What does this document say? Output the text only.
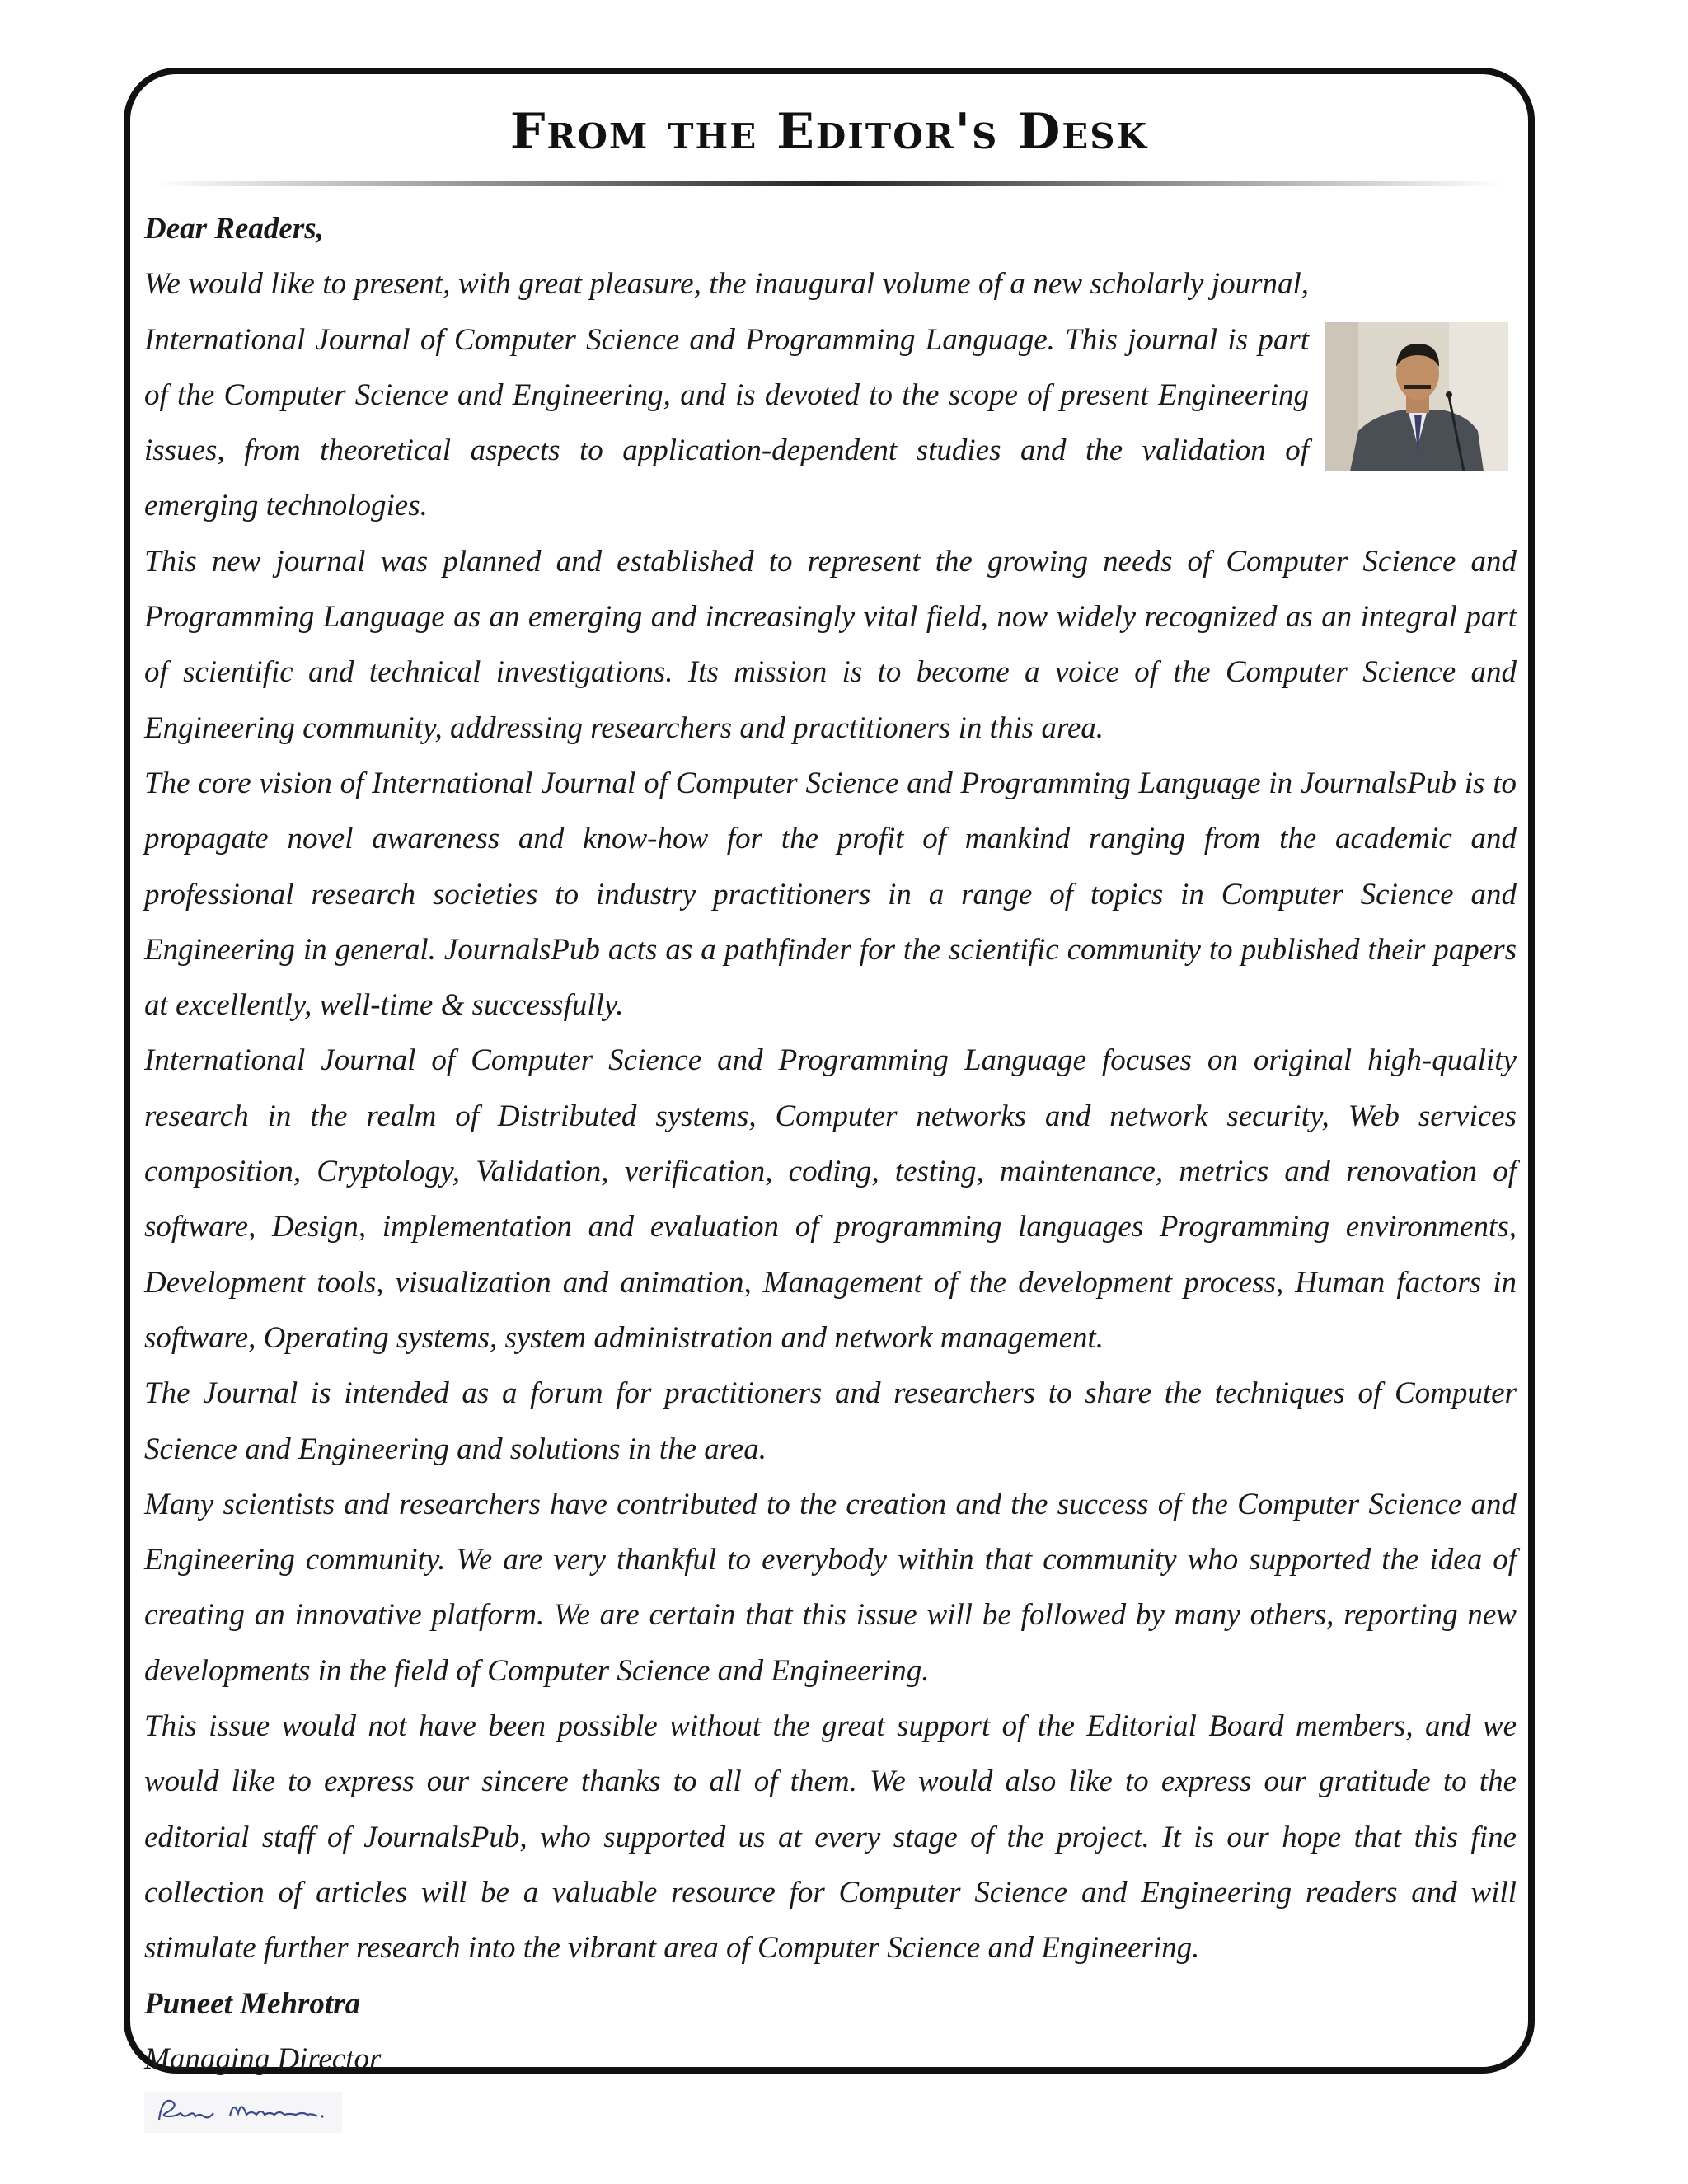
From the Editor's Desk

Dear Readers,

We would like to present, with great pleasure, the inaugural volume of a new scholarly journal, International Journal of Computer Science and Programming Language. This journal is part of the Computer Science and Engineering, and is devoted to the scope of present Engineering issues, from theoretical aspects to application-dependent studies and the validation of emerging technologies.

This new journal was planned and established to represent the growing needs of Computer Science and Programming Language as an emerging and increasingly vital field, now widely recognized as an integral part of scientific and technical investigations. Its mission is to become a voice of the Computer Science and Engineering community, addressing researchers and practitioners in this area.

The core vision of International Journal of Computer Science and Programming Language in JournalsPub is to propagate novel awareness and know-how for the profit of mankind ranging from the academic and professional research societies to industry practitioners in a range of topics in Computer Science and Engineering in general. JournalsPub acts as a pathfinder for the scientific community to published their papers at excellently, well-time & successfully.

International Journal of Computer Science and Programming Language focuses on original high-quality research in the realm of Distributed systems, Computer networks and network security, Web services composition, Cryptology, Validation, verification, coding, testing, maintenance, metrics and renovation of software, Design, implementation and evaluation of programming languages Programming environments, Development tools, visualization and animation, Management of the development process, Human factors in software, Operating systems, system administration and network management.

The Journal is intended as a forum for practitioners and researchers to share the techniques of Computer Science and Engineering and solutions in the area.

Many scientists and researchers have contributed to the creation and the success of the Computer Science and Engineering community. We are very thankful to everybody within that community who supported the idea of creating an innovative platform. We are certain that this issue will be followed by many others, reporting new developments in the field of Computer Science and Engineering.

This issue would not have been possible without the great support of the Editorial Board members, and we would like to express our sincere thanks to all of them. We would also like to express our gratitude to the editorial staff of JournalsPub, who supported us at every stage of the project. It is our hope that this fine collection of articles will be a valuable resource for Computer Science and Engineering readers and will stimulate further research into the vibrant area of Computer Science and Engineering.

Puneet Mehrotra

Managing Director
